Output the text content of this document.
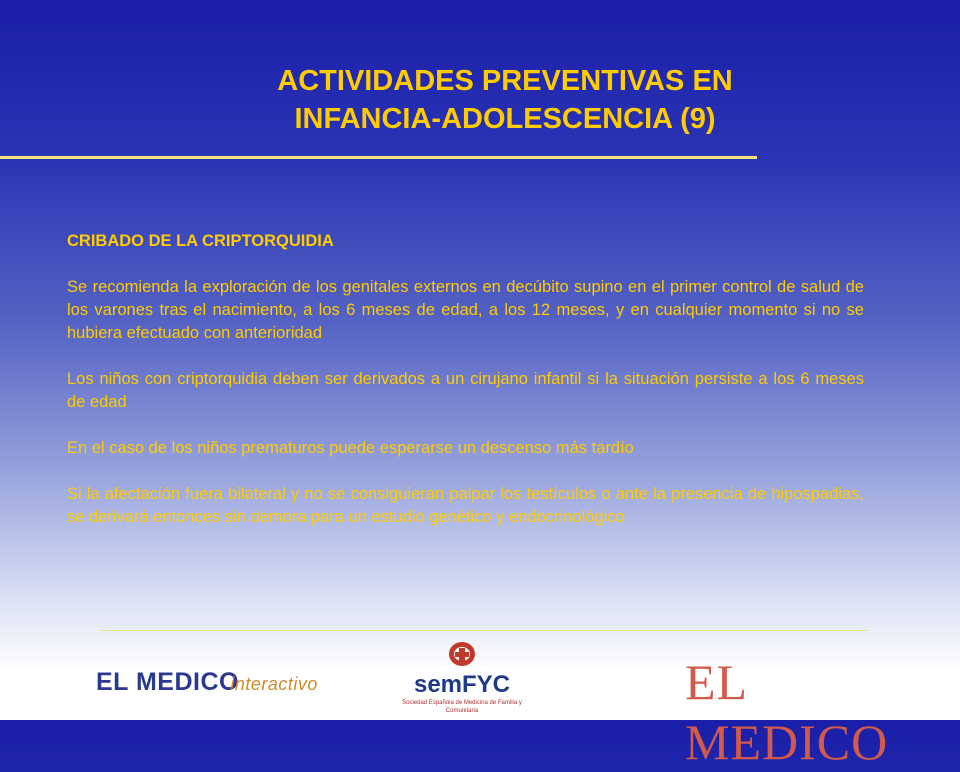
ACTIVIDADES PREVENTIVAS EN
INFANCIA-ADOLESCENCIA (9)
CRIBADO DE LA CRIPTORQUIDIA

Se recomienda la exploración de los genitales externos en decúbito supino en el primer control de salud de los varones tras el nacimiento, a los 6 meses de edad, a los 12 meses, y en cualquier momento si no se hubiera efectuado con anterioridad

Los niños con criptorquidia deben ser derivados a un cirujano infantil si la situación persiste a los 6 meses de edad

En el caso de los niños prematuros puede esperarse un descenso más tardío

Si la afectación fuera bilateral y no se consiguieran palpar los testículos o ante la presencia de hipospadias, se derivará entonces sin demora para un estudio genético y endocrinológico

EL MEDICO interactivo	semFYC
Sociedad Española de Medicina de Familia y Comunitaria
EL MEDICO
